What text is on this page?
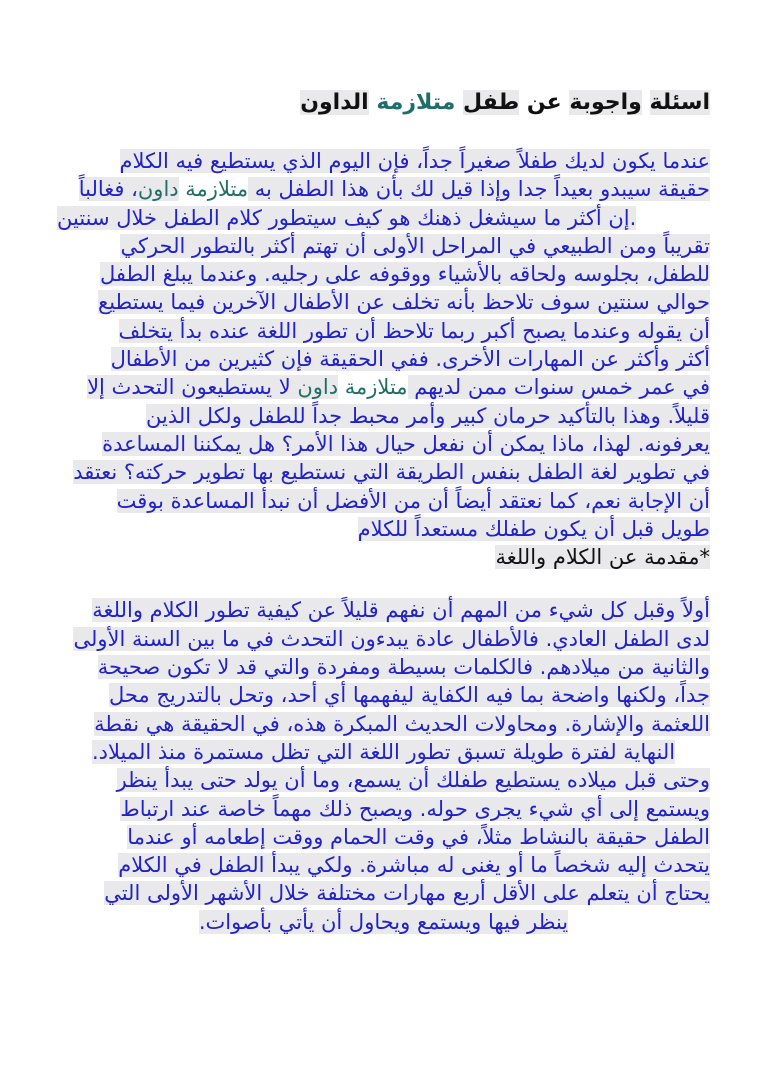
اسئلة واجوبة عن طفل متلازمة الداون
عندما يكون لديك طفلاً صغيراً جداً، فإن اليوم الذي يستطيع فيه الكلام
حقيقة سيبدو بعيداً جدا وإذا قيل لك بأن هذا الطفل به متلازمة داون، فغالباً
.إن أكثر ما سيشغل ذهنك هو كيف سيتطور كلام الطفل خلال سنتين
تقريباً ومن الطبيعي في المراحل الأولى أن تهتم أكثر بالتطور الحركي
للطفل، بجلوسه ولحاقه بالأشياء ووقوفه على رجليه. وعندما يبلغ الطفل
حوالي سنتين سوف تلاحظ بأنه تخلف عن الأطفال الآخرين فيما يستطيع
أن يقوله وعندما يصبح أكبر ربما تلاحظ أن تطور اللغة عنده بدأ يتخلف
أكثر وأكثر عن المهارات الأخرى. ففي الحقيقة فإن كثيرين من الأطفال
في عمر خمس سنوات ممن لديهم متلازمة داون لا يستطيعون التحدث إلا
قليلاً. وهذا بالتأكيد حرمان كبير وأمر محبط جداً للطفل ولكل الذين
يعرفونه. لهذا، ماذا يمكن أن نفعل حيال هذا الأمر؟ هل يمكننا المساعدة
في تطوير لغة الطفل بنفس الطريقة التي نستطيع بها تطوير حركته؟ نعتقد
أن الإجابة نعم، كما نعتقد أيضاً أن من الأفضل أن نبدأ المساعدة بوقت
طويل قبل أن يكون طفلك مستعداً للكلام
*مقدمة عن الكلام واللغة
أولاً وقبل كل شيء من المهم أن نفهم قليلاً عن كيفية تطور الكلام واللغة
لدى الطفل العادي. فالأطفال عادة يبدءون التحدث في ما بين السنة الأولى
والثانية من ميلادهم. فالكلمات بسيطة ومفردة والتي قد لا تكون صحيحة
جداً، ولكنها واضحة بما فيه الكفاية ليفهمها أي أحد، وتحل بالتدريج محل
اللعثمة والإشارة. ومحاولات الحديث المبكرة هذه، في الحقيقة هي نقطة
النهاية لفترة طويلة تسبق تطور اللغة التي تظل مستمرة منذ الميلاد.
وحتى قبل ميلاده يستطيع طفلك أن يسمع، وما أن يولد حتى يبدأ ينظر
ويستمع إلى أي شيء يجرى حوله. ويصبح ذلك مهماً خاصة عند ارتباط
الطفل حقيقة بالنشاط مثلاً، في وقت الحمام ووقت إطعامه أو عندما
يتحدث إليه شخصاً ما أو يغنى له مباشرة. ولكي يبدأ الطفل في الكلام
يحتاج أن يتعلم على الأقل أربع مهارات مختلفة خلال الأشهر الأولى التي
ينظر فيها ويستمع ويحاول أن يأتي بأصوات.
